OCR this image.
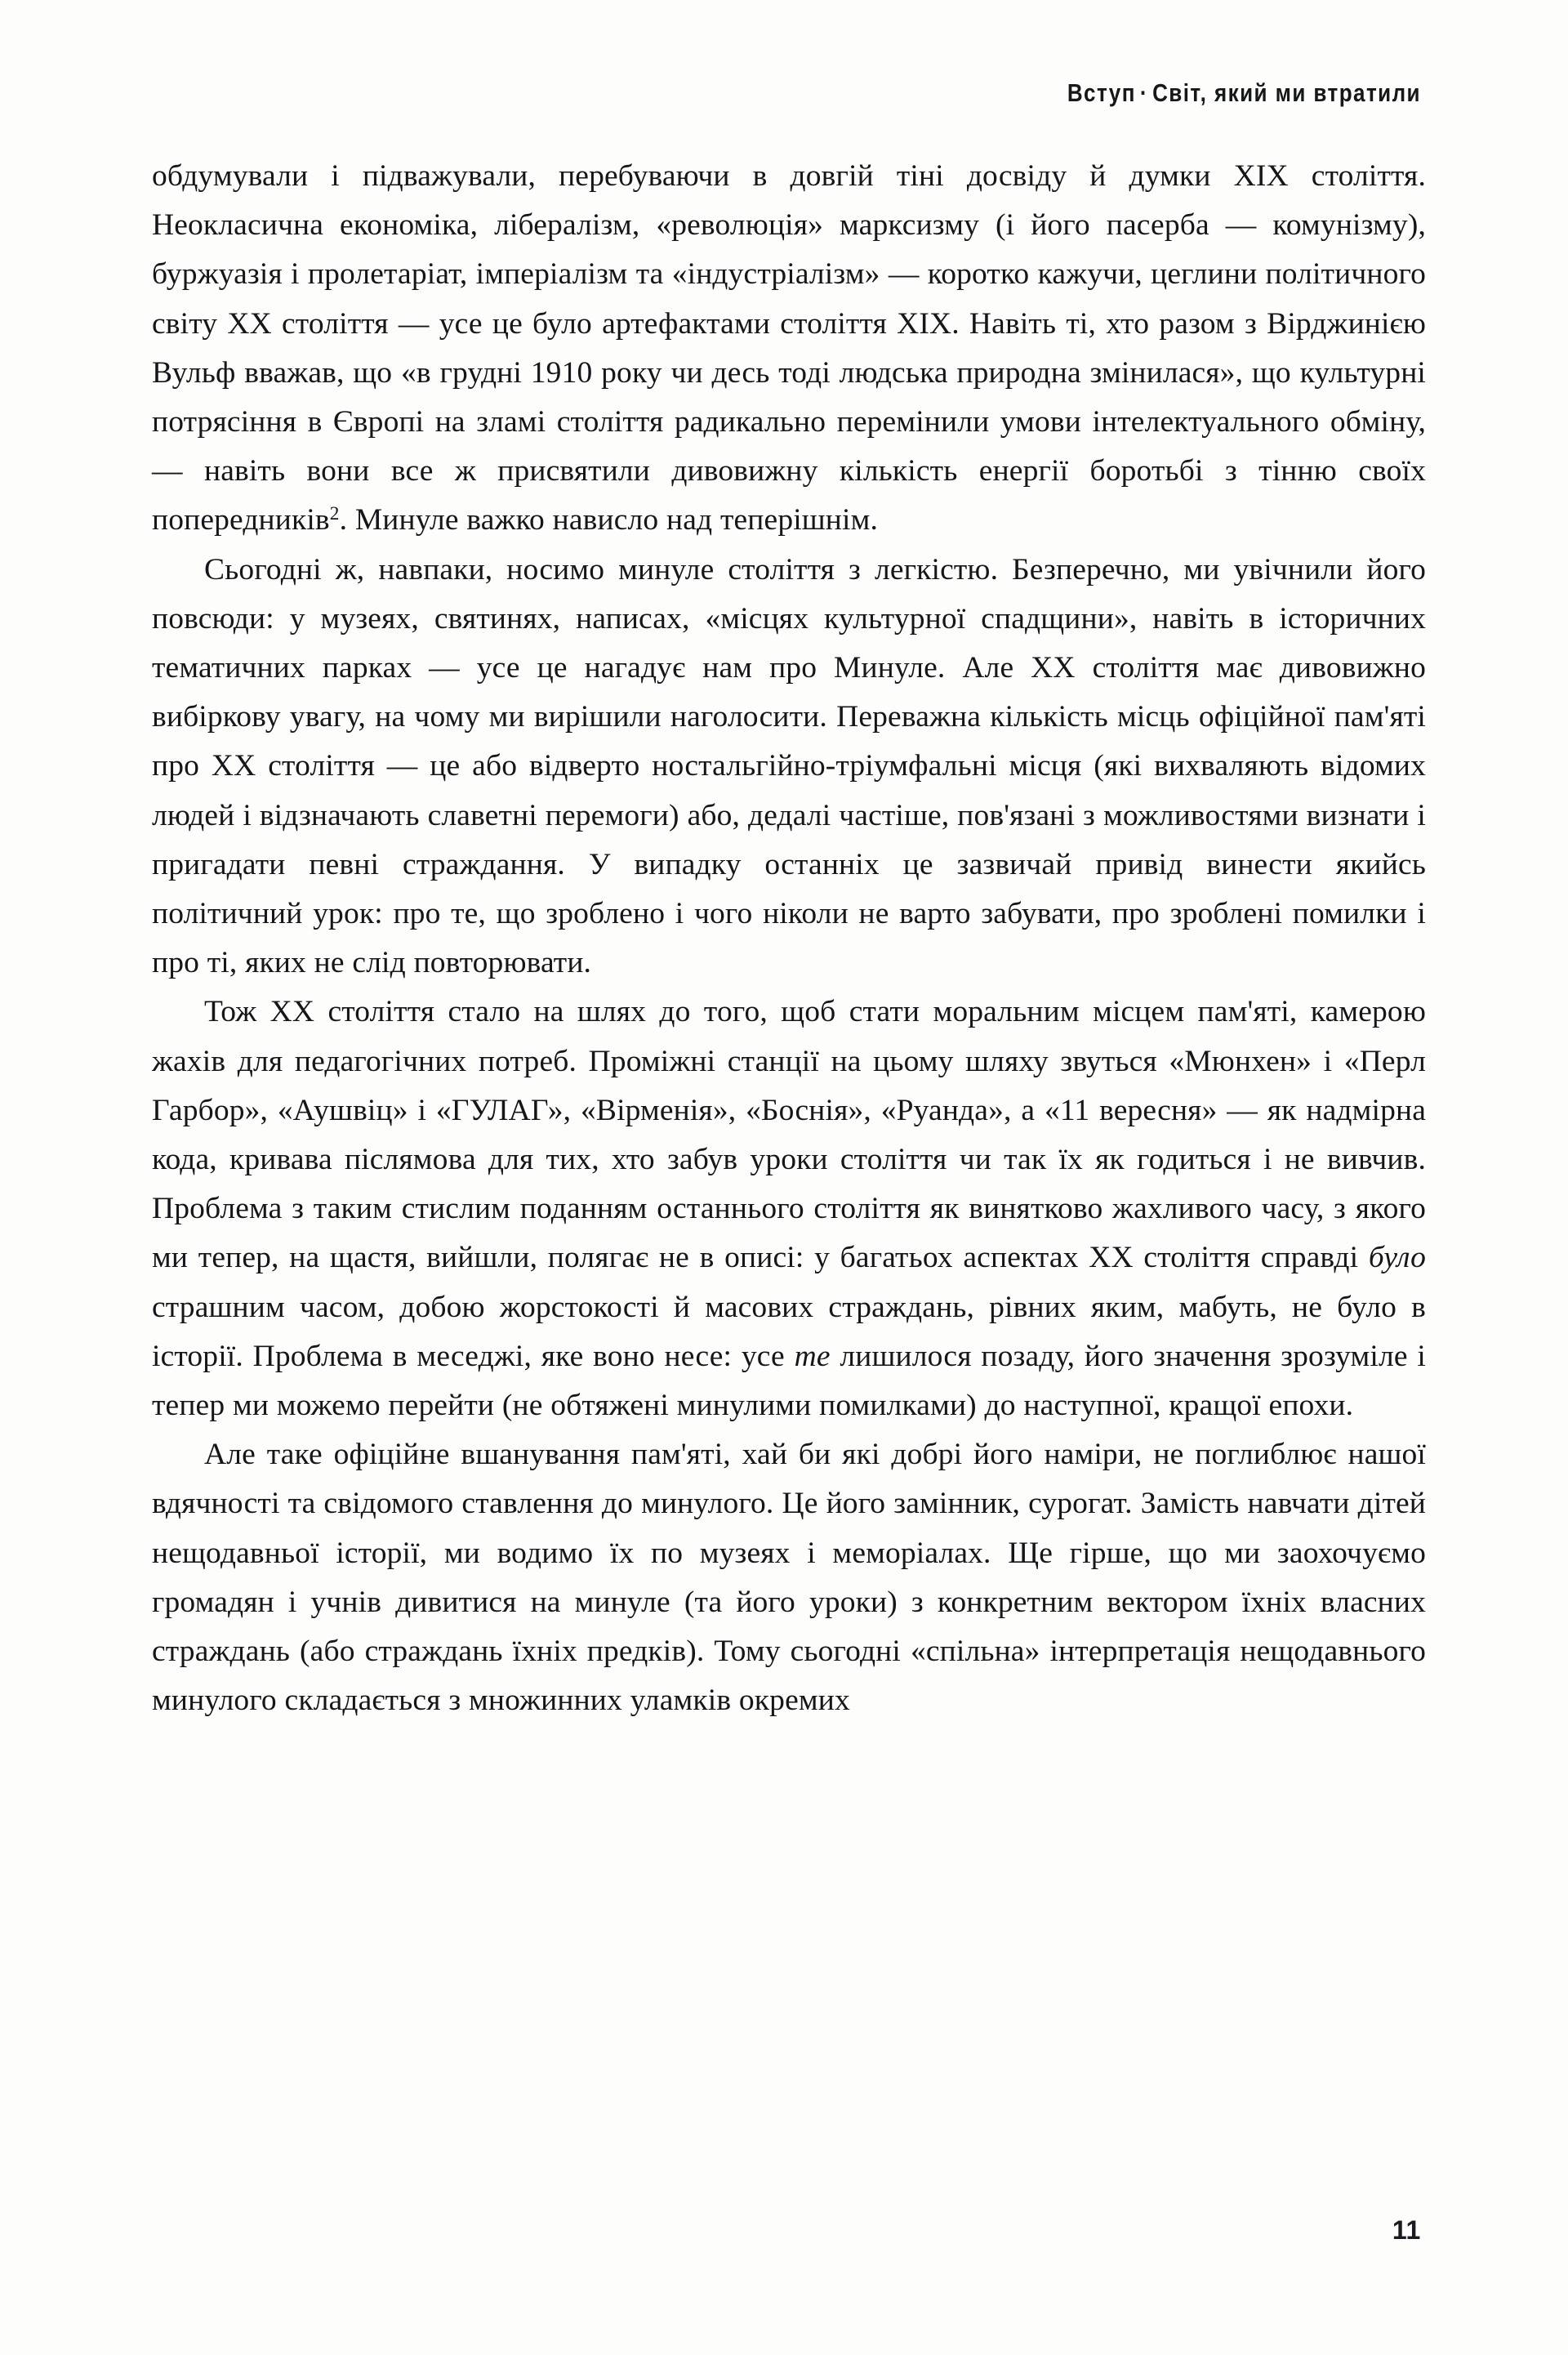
Вступ · Світ, який ми втратили

обдумували і підважували, перебуваючи в довгій тіні досвіду й думки XIX століття. Неокласична економіка, лібералізм, «революція» марксизму (і його пасерба — комунізму), буржуазія і пролетаріат, імперіалізм та «індустріалізм» — коротко кажучи, цеглини політичного світу XX століття — усе це було артефактами століття XIX. Навіть ті, хто разом з Вірджинією Вульф вважав, що «в грудні 1910 року чи десь тоді людська природна змінилася», що культурні потрясіння в Європі на зламі століття радикально перемінили умови інтелектуального обміну, — навіть вони все ж присвятили дивовижну кількість енергії боротьбі з тінню своїх попередників$^2$. Минуле важко нависло над теперішнім.

Сьогодні ж, навпаки, носимо минуле століття з легкістю. Безперечно, ми увічнили його повсюди: у музеях, святинях, написах, «місцях культурної спадщини», навіть в історичних тематичних парках — усе це нагадує нам про Минуле. Але XX століття має дивовижно вибіркову увагу, на чому ми вирішили наголосити. Переважна кількість місць офіційної пам'яті про XX століття — це або відверто ностальгійно-тріумфальні місця (які вихваляють відомих людей і відзначають славетні перемоги) або, дедалі частіше, пов'язані з можливостями визнати і пригадати певні страждання. У випадку останніх це зазвичай привід винести якийсь політичний урок: про те, що зроблено і чого ніколи не варто забувати, про зроблені помилки і про ті, яких не слід повторювати.

Тож XX століття стало на шлях до того, щоб стати моральним місцем пам'яті, камерою жахів для педагогічних потреб. Проміжні станції на цьому шляху звуться «Мюнхен» і «Перл Гарбор», «Аушвіц» і «ГУЛАГ», «Вірменія», «Боснія», «Руанда», а «11 вересня» — як надмірна кода, кривава післямова для тих, хто забув уроки століття чи так їх як годиться і не вивчив. Проблема з таким стислим поданням останнього століття як винятково жахливого часу, з якого ми тепер, на щастя, вийшли, полягає не в описі: у багатьох аспектах XX століття справді було страшним часом, добою жорстокості й масових страждань, рівних яким, мабуть, не було в історії. Проблема в меседжі, яке воно несе: усе те лишилося позаду, його значення зрозуміле і тепер ми можемо перейти (не обтяжені минулими помилками) до наступної, кращої епохи.

Але таке офіційне вшанування пам'яті, хай би які добрі його наміри, не поглиблює нашої вдячності та свідомого ставлення до минулого. Це його замінник, сурогат. Замість навчати дітей нещодавньої історії, ми водимо їх по музеях і меморіалах. Ще гірше, що ми заохочуємо громадян і учнів дивитися на минуле (та його уроки) з конкретним вектором їхніх власних страждань (або страждань їхніх предків). Тому сьогодні «спільна» інтерпретація нещодавнього минулого складається з множинних уламків окремих

11
